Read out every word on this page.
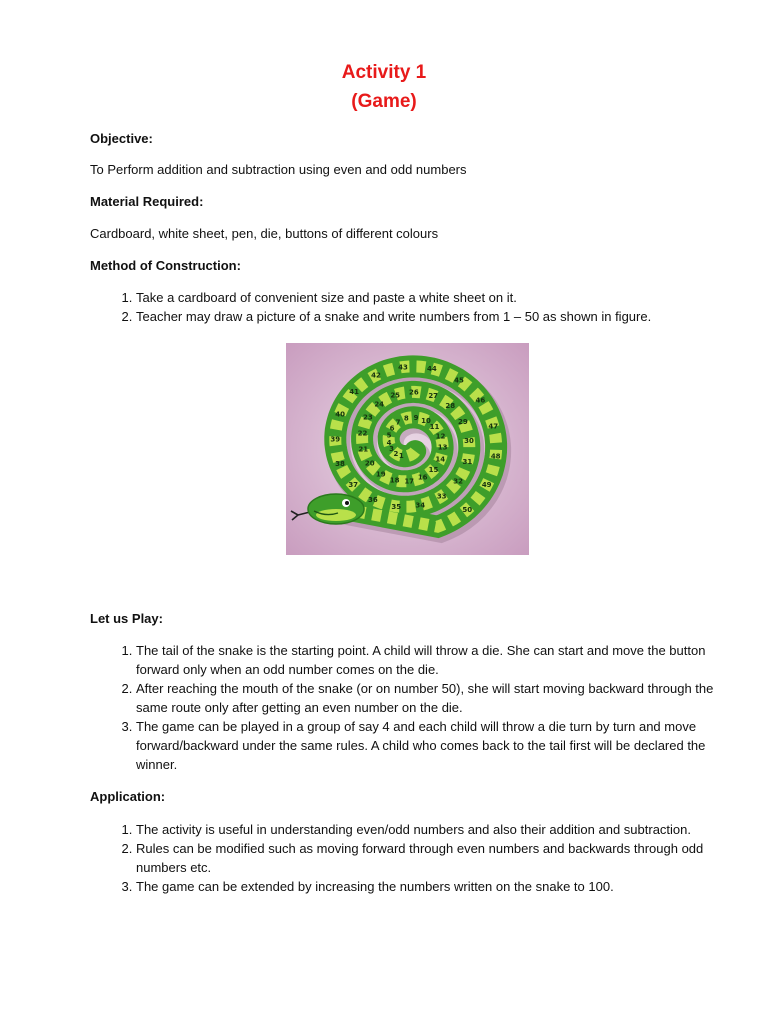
Activity 1
(Game)
Objective:
To Perform addition and subtraction using even and odd numbers
Material Required:
Cardboard, white sheet, pen, die, buttons of different colours
Method of Construction:
1. Take a cardboard of convenient size and paste a white sheet on it.
2. Teacher may draw a picture of a snake and write numbers from 1 – 50 as shown in figure.
1
2
3
4
5
6
7 8 9 10
11
12
13
14
15
16
17
18
19
20
21
22
23
24
25 26 27
28
29
30
31
32
33
34
35
36
37
38
39
40
41
42
43	44
45
46
47
48
49
50
Let us Play:
1. The tail of the snake is the starting point. A child will throw a die. She can start and move the button forward only when an odd number comes on the die.
2. After reaching the mouth of the snake (or on number 50), she will start moving backward through the same route only after getting an even number on the die.
3. The game can be played in a group of say 4 and each child will throw a die turn by turn and move forward/backward under the same rules. A child who comes back to the tail first will be declared the winner.
Application:
1. The activity is useful in understanding even/odd numbers and also their addition and subtraction.
2. Rules can be modified such as moving forward through even numbers and backwards through odd numbers etc.
3. The game can be extended by increasing the numbers written on the snake to 100.
